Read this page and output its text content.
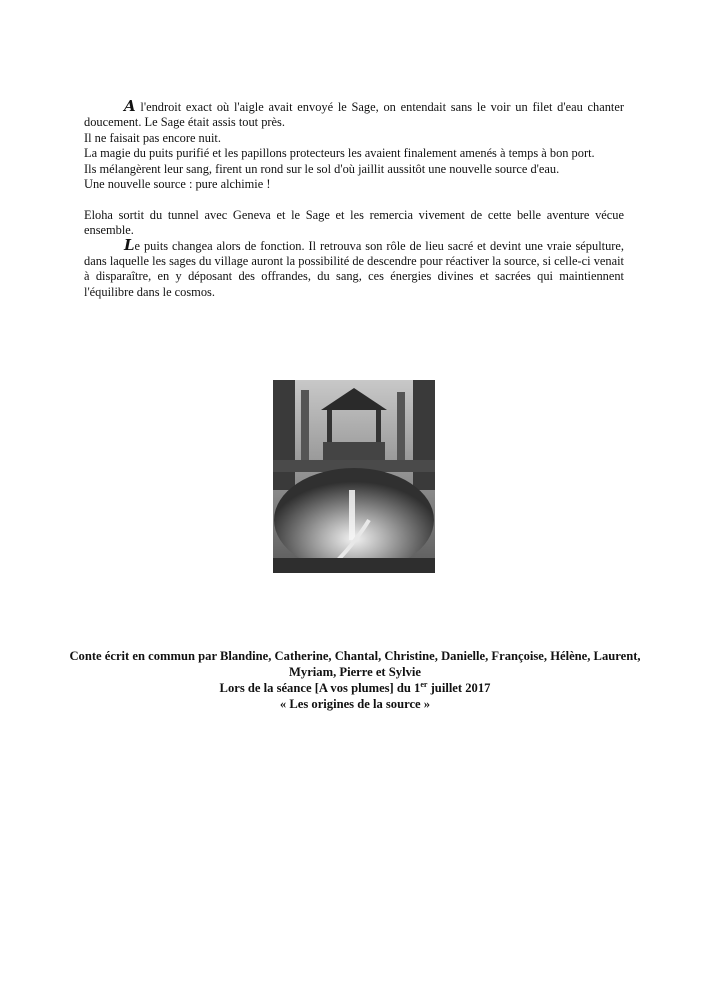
A l'endroit exact où l'aigle avait envoyé le Sage, on entendait sans le voir un filet d'eau chanter doucement. Le Sage était assis tout près.

Il ne faisait pas encore nuit.

La magie du puits purifié et les papillons protecteurs les avaient finalement amenés à temps à bon port.

Ils mélangèrent leur sang, firent un rond sur le sol d'où jaillit aussitôt une nouvelle source d'eau.

Une nouvelle source : pure alchimie !

Eloha sortit du tunnel avec Geneva et le Sage et les remercia vivement de cette belle aventure vécue ensemble.

Le puits changea alors de fonction. Il retrouva son rôle de lieu sacré et devint une vraie sépulture, dans laquelle les sages du village auront la possibilité de descendre pour réactiver la source, si celle-ci venait à disparaître, en y déposant des offrandes, du sang, ces énergies divines et sacrées qui maintiennent l'équilibre dans le cosmos.

Conte écrit en commun par Blandine, Catherine, Chantal, Christine, Danielle, Françoise, Hélène, Laurent, Myriam, Pierre et Sylvie

Lors de la séance [A vos plumes] du 1er juillet 2017

« Les origines de la source »
